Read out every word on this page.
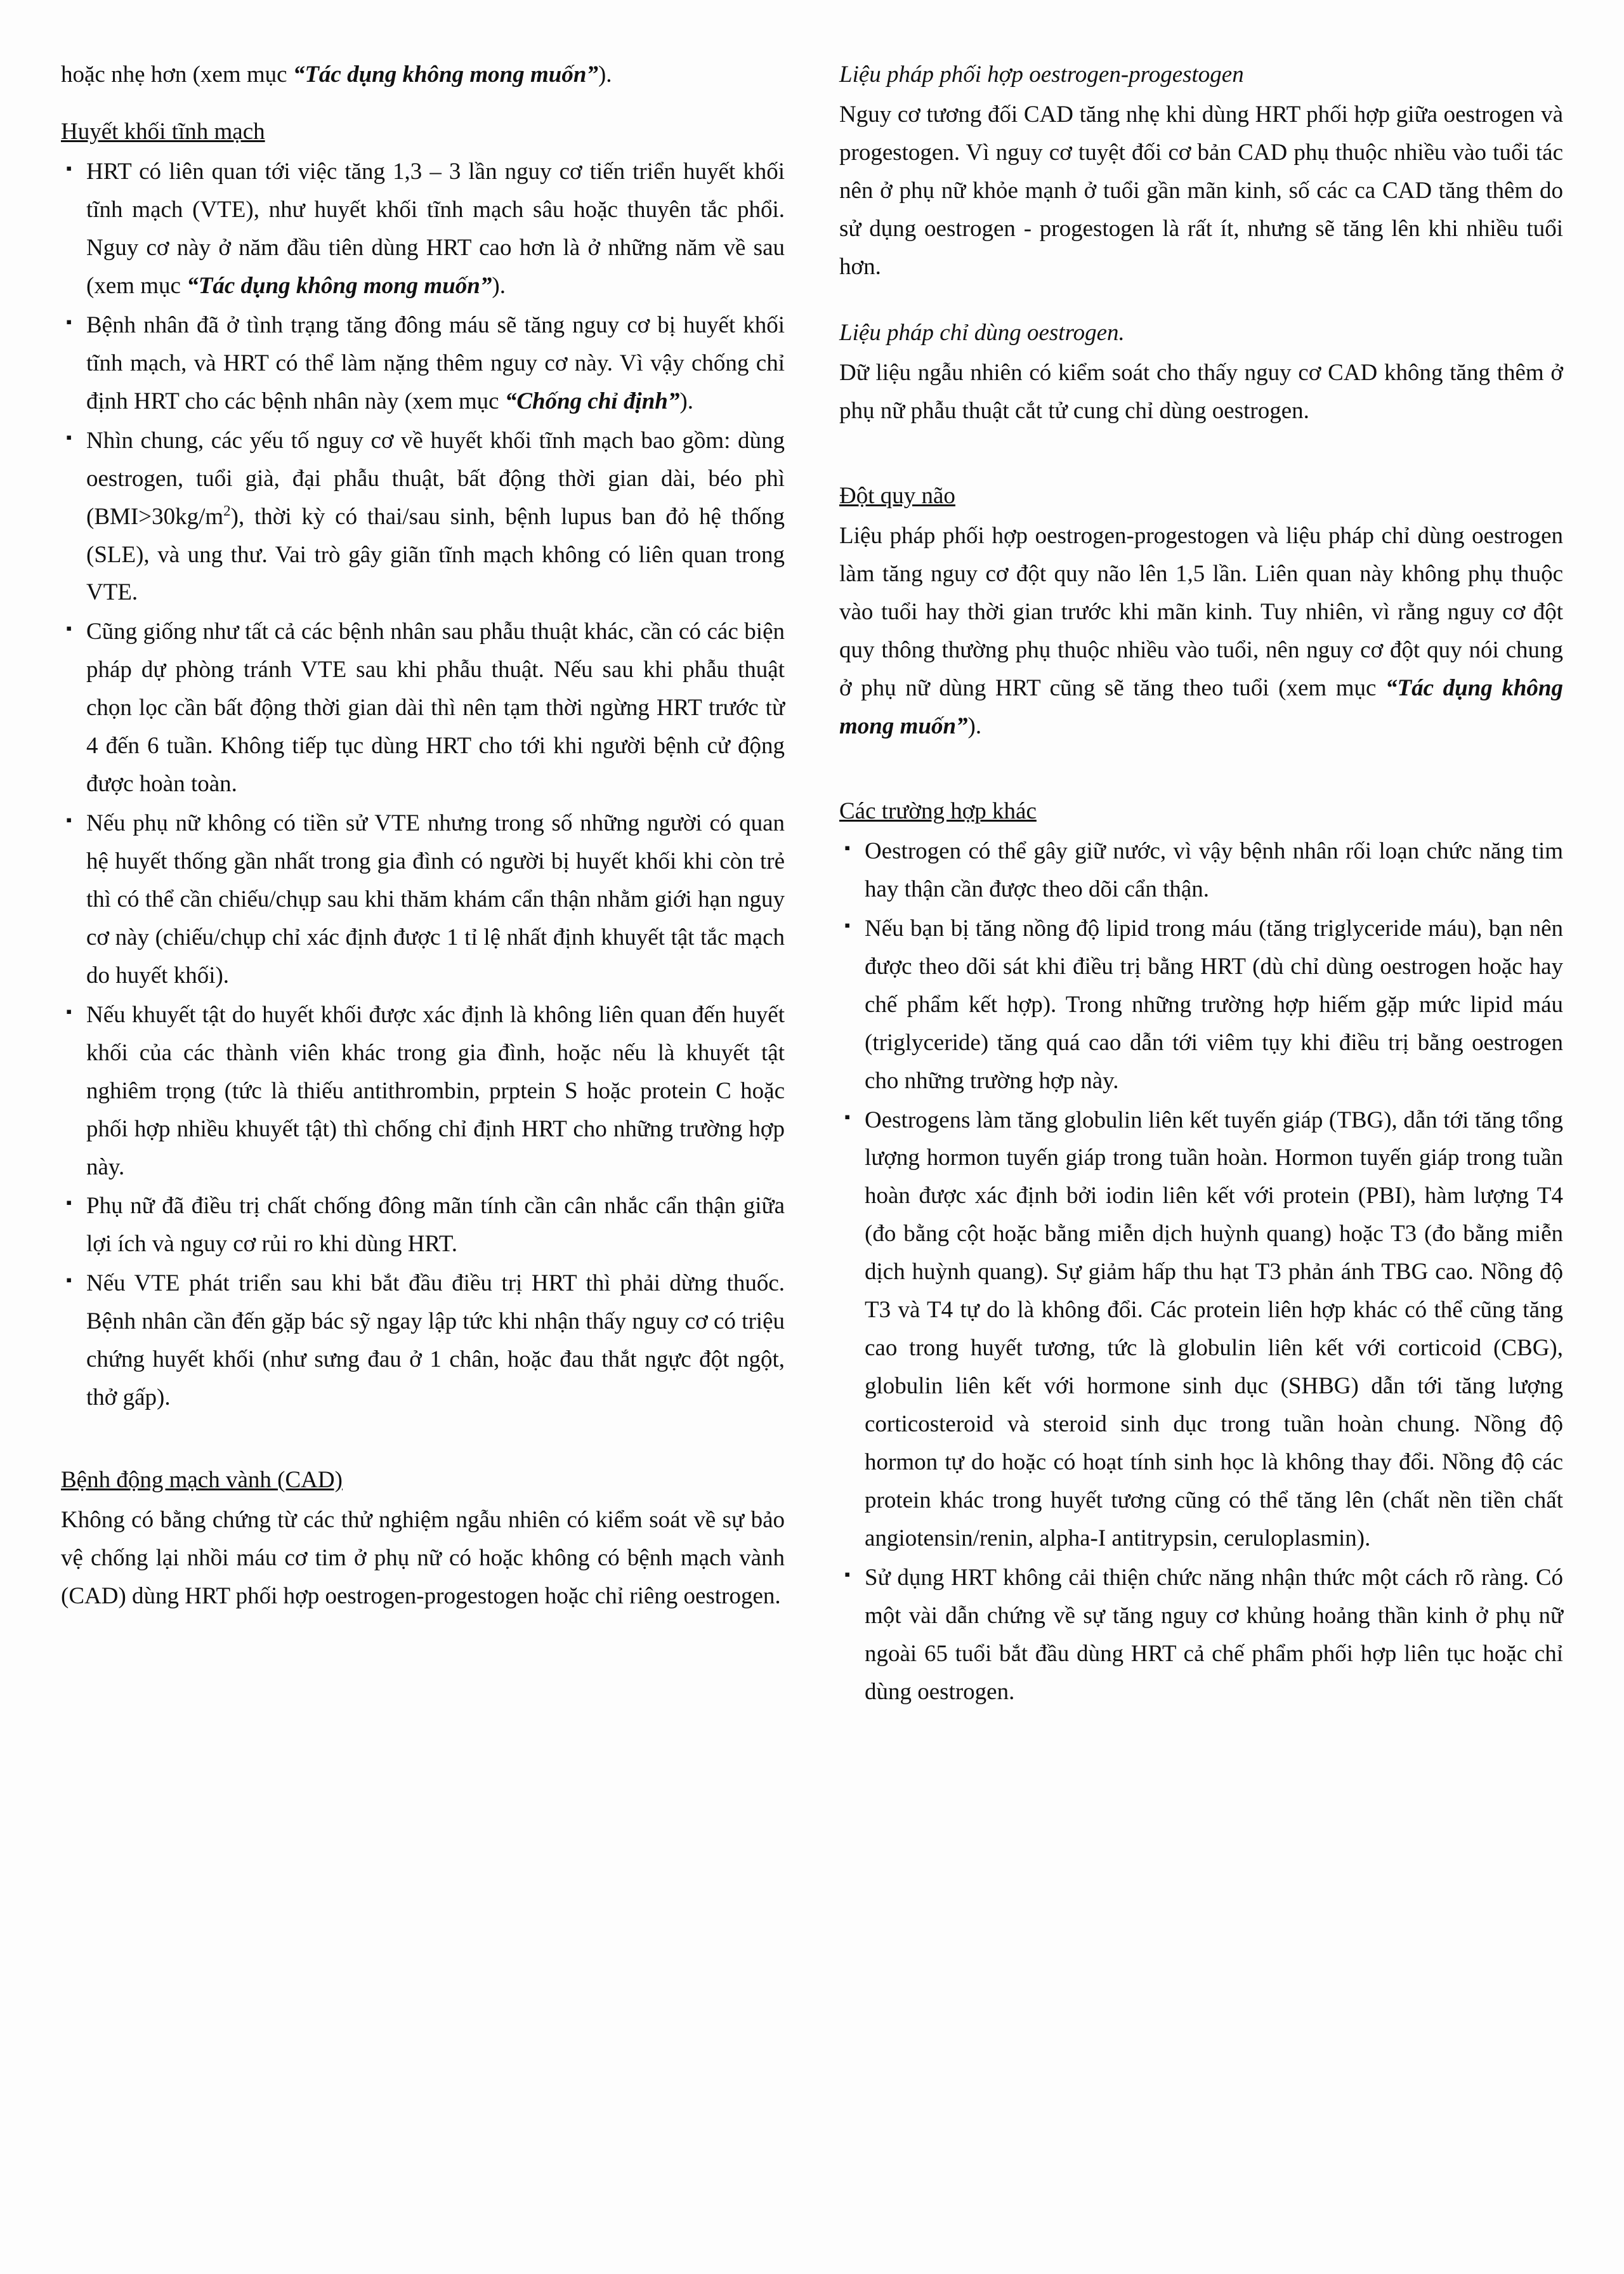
hoặc nhẹ hơn (xem mục “Tác dụng không mong muốn”).

Huyết khối tĩnh mạch
▪ HRT có liên quan tới việc tăng 1,3 – 3 lần nguy cơ tiến triển huyết khối tĩnh mạch (VTE), như huyết khối tĩnh mạch sâu hoặc thuyên tắc phổi. Nguy cơ này ở năm đầu tiên dùng HRT cao hơn là ở những năm về sau (xem mục “Tác dụng không mong muốn”).
▪ Bệnh nhân đã ở tình trạng tăng đông máu sẽ tăng nguy cơ bị huyết khối tĩnh mạch, và HRT có thể làm nặng thêm nguy cơ này. Vì vậy chống chỉ định HRT cho các bệnh nhân này (xem mục “Chống chỉ định”).
▪ Nhìn chung, các yếu tố nguy cơ về huyết khối tĩnh mạch bao gồm: dùng oestrogen, tuổi già, đại phẫu thuật, bất động thời gian dài, béo phì $(BMI>30kg/m^2)$, thời kỳ có thai/sau sinh, bệnh lupus ban đỏ hệ thống (SLE), và ung thư. Vai trò gây giãn tĩnh mạch không có liên quan trong VTE.
▪ Cũng giống như tất cả các bệnh nhân sau phẫu thuật khác, cần có các biện pháp dự phòng tránh VTE sau khi phẫu thuật. Nếu sau khi phẫu thuật chọn lọc cần bất động thời gian dài thì nên tạm thời ngừng HRT trước từ 4 đến 6 tuần. Không tiếp tục dùng HRT cho tới khi người bệnh cử động được hoàn toàn.
▪ Nếu phụ nữ không có tiền sử VTE nhưng trong số những người có quan hệ huyết thống gần nhất trong gia đình có người bị huyết khối khi còn trẻ thì có thể cần chiếu/chụp sau khi thăm khám cẩn thận nhằm giới hạn nguy cơ này (chiếu/chụp chỉ xác định được 1 tỉ lệ nhất định khuyết tật tắc mạch do huyết khối).
▪ Nếu khuyết tật do huyết khối được xác định là không liên quan đến huyết khối của các thành viên khác trong gia đình, hoặc nếu là khuyết tật nghiêm trọng (tức là thiếu antithrombin, prptein S hoặc protein C hoặc phối hợp nhiều khuyết tật) thì chống chỉ định HRT cho những trường hợp này.
▪ Phụ nữ đã điều trị chất chống đông mãn tính cần cân nhắc cẩn thận giữa lợi ích và nguy cơ rủi ro khi dùng HRT.
▪ Nếu VTE phát triển sau khi bắt đầu điều trị HRT thì phải dừng thuốc. Bệnh nhân cần đến gặp bác sỹ ngay lập tức khi nhận thấy nguy cơ có triệu chứng huyết khối (như sưng đau ở 1 chân, hoặc đau thắt ngực đột ngột, thở gấp).
Bệnh động mạch vành (CAD)

Không có bằng chứng từ các thử nghiệm ngẫu nhiên có kiểm soát về sự bảo vệ chống lại nhồi máu cơ tim ở phụ nữ có hoặc không có bệnh mạch vành (CAD) dùng HRT phối hợp oestrogen-progestogen hoặc chỉ riêng oestrogen.

Liệu pháp phối hợp oestrogen-progestogen

Nguy cơ tương đối CAD tăng nhẹ khi dùng HRT phối hợp giữa oestrogen và progestogen. Vì nguy cơ tuyệt đối cơ bản CAD phụ thuộc nhiều vào tuổi tác nên ở phụ nữ khỏe mạnh ở tuổi gần mãn kinh, số các ca CAD tăng thêm do sử dụng oestrogen - progestogen là rất ít, nhưng sẽ tăng lên khi nhiều tuổi hơn.

Liệu pháp chỉ dùng oestrogen.

Dữ liệu ngẫu nhiên có kiểm soát cho thấy nguy cơ CAD không tăng thêm ở phụ nữ phẫu thuật cắt tử cung chỉ dùng oestrogen.

Đột quy não

Liệu pháp phối hợp oestrogen-progestogen và liệu pháp chỉ dùng oestrogen làm tăng nguy cơ đột quy não lên 1,5 lần. Liên quan này không phụ thuộc vào tuổi hay thời gian trước khi mãn kinh. Tuy nhiên, vì rằng nguy cơ đột quy thông thường phụ thuộc nhiều vào tuổi, nên nguy cơ đột quy nói chung ở phụ nữ dùng HRT cũng sẽ tăng theo tuổi (xem mục “Tác dụng không mong muốn”).

Các trường hợp khác
▪ Oestrogen có thể gây giữ nước, vì vậy bệnh nhân rối loạn chức năng tim hay thận cần được theo dõi cẩn thận.
▪ Nếu bạn bị tăng nồng độ lipid trong máu (tăng triglyceride máu), bạn nên được theo dõi sát khi điều trị bằng HRT (dù chỉ dùng oestrogen hoặc hay chế phẩm kết hợp). Trong những trường hợp hiếm gặp mức lipid máu (triglyceride) tăng quá cao dẫn tới viêm tụy khi điều trị bằng oestrogen cho những trường hợp này.
▪ Oestrogens làm tăng globulin liên kết tuyến giáp (TBG), dẫn tới tăng tổng lượng hormon tuyến giáp trong tuần hoàn. Hormon tuyến giáp trong tuần hoàn được xác định bởi iodin liên kết với protein (PBI), hàm lượng T4 (đo bằng cột hoặc bằng miễn dịch huỳnh quang) hoặc T3 (đo bằng miễn dịch huỳnh quang). Sự giảm hấp thu hạt T3 phản ánh TBG cao. Nồng độ T3 và T4 tự do là không đổi. Các protein liên hợp khác có thể cũng tăng cao trong huyết tương, tức là globulin liên kết với corticoid (CBG), globulin liên kết với hormone sinh dục (SHBG) dẫn tới tăng lượng corticosteroid và steroid sinh dục trong tuần hoàn chung. Nồng độ hormon tự do hoặc có hoạt tính sinh học là không thay đổi. Nồng độ các protein khác trong huyết tương cũng có thể tăng lên (chất nền tiền chất angiotensin/renin, alpha-I antitrypsin, ceruloplasmin).
▪ Sử dụng HRT không cải thiện chức năng nhận thức một cách rõ ràng. Có một vài dẫn chứng về sự tăng nguy cơ khủng hoảng thần kinh ở phụ nữ ngoài 65 tuổi bắt đầu dùng HRT cả chế phẩm phối hợp liên tục hoặc chỉ dùng oestrogen.
